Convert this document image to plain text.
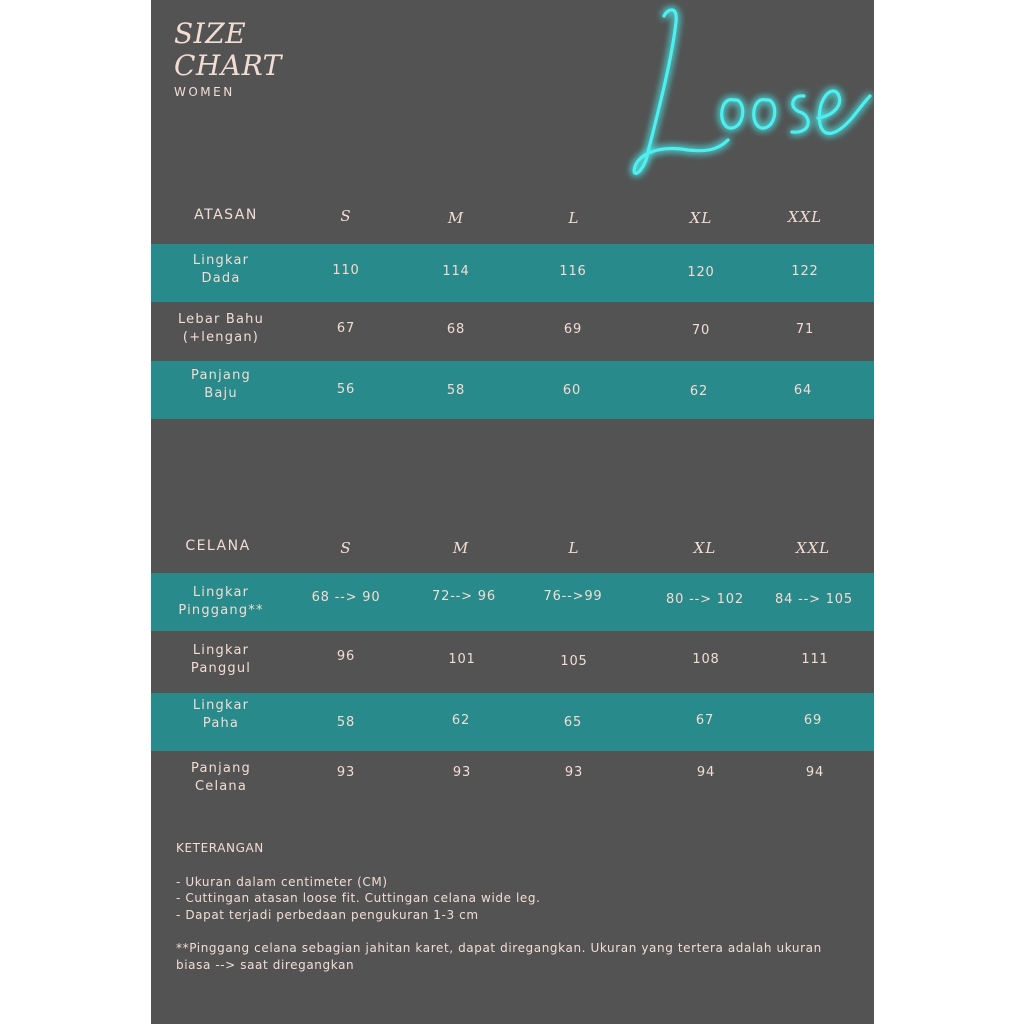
SIZE
CHART
WOMEN
ATASAN	S	M	L	XL	XXL
Lingkar
Dada
110	114	116	120	122
Lebar Bahu
(+lengan)
67	68	69	70	71
Panjang
Baju	56	58	60	62	64
CELANA	S	M	L	XL	XXL
Lingkar
Pinggang**
68 --> 90	72--> 96	76-->99	80 --> 102	84 --> 105
Lingkar
Panggul
96	101	105	108	111
Lingkar
Paha	58	62	65	67	69
Panjang
Celana
93	93	93	94	94
KETERANGAN
- Ukuran dalam centimeter (CM)
- Cuttingan atasan loose fit. Cuttingan celana wide leg.
- Dapat terjadi perbedaan pengukuran 1-3 cm
**Pinggang celana sebagian jahitan karet, dapat diregangkan. Ukuran yang tertera adalah ukuran biasa --> saat diregangkan
